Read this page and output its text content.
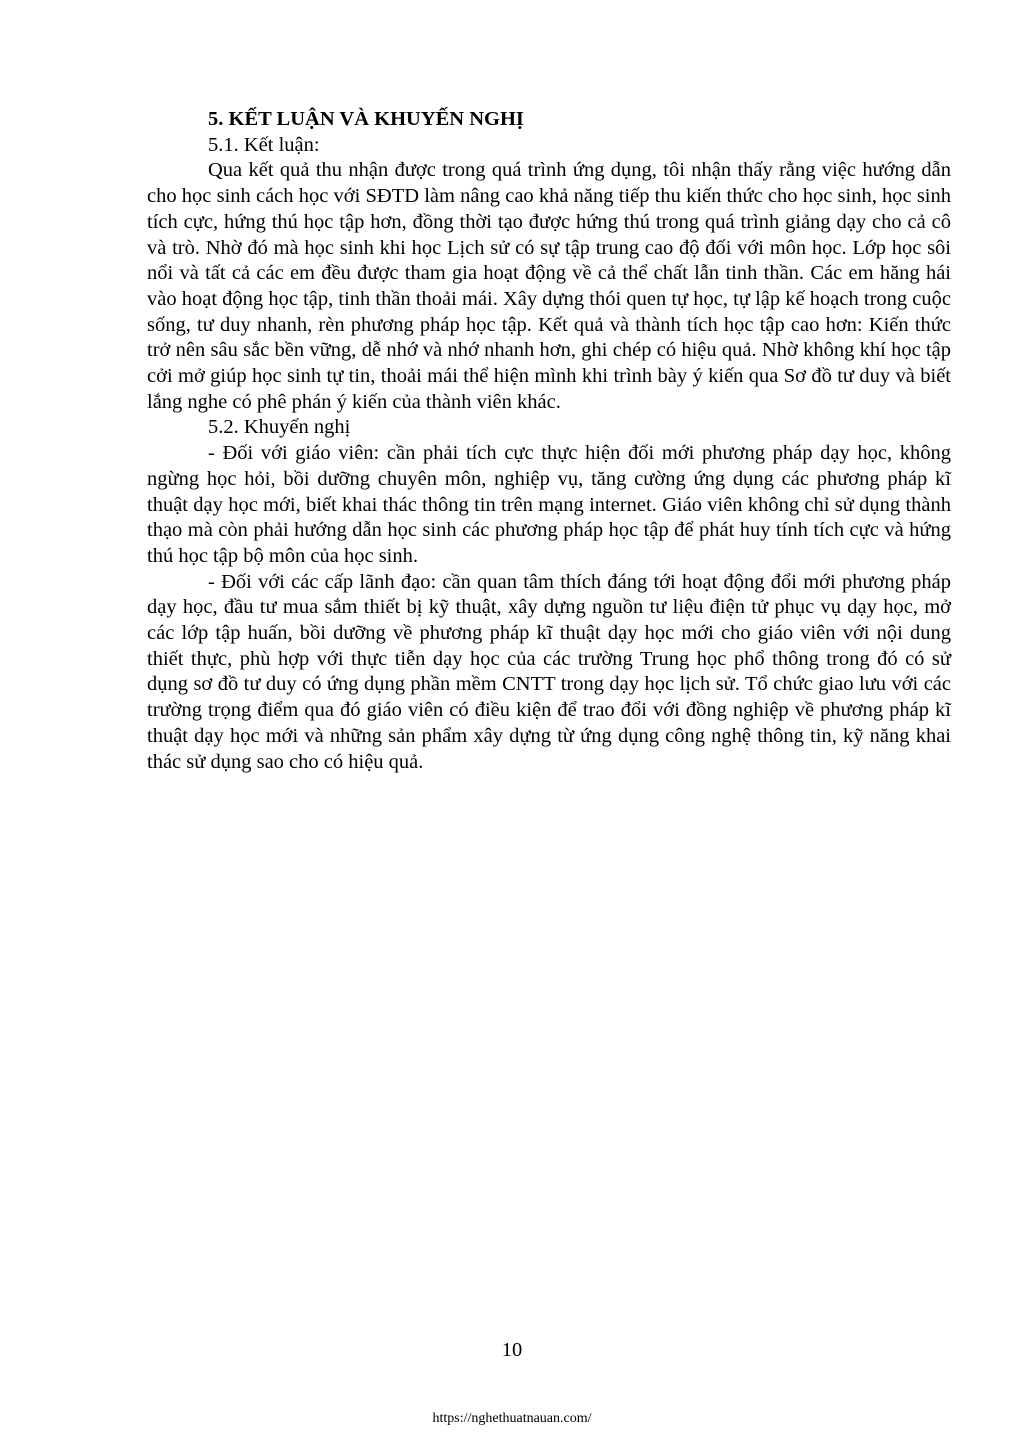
5. KẾT LUẬN VÀ KHUYẾN NGHỊ

5.1. Kết luận:

Qua kết quả thu nhận được trong quá trình ứng dụng, tôi nhận thấy rằng việc hướng dẫn cho học sinh cách học với SĐTD làm nâng cao khả năng tiếp thu kiến thức cho học sinh, học sinh tích cực, hứng thú học tập hơn, đồng thời tạo được hứng thú trong quá trình giảng dạy cho cả cô và trò. Nhờ đó mà học sinh khi học Lịch sử có sự tập trung cao độ đối với môn học. Lớp học sôi nổi và tất cả các em đều được tham gia hoạt động về cả thể chất lẫn tinh thần. Các em hăng hái vào hoạt động học tập, tinh thần thoải mái. Xây dựng thói quen tự học, tự lập kế hoạch trong cuộc sống, tư duy nhanh, rèn phương pháp học tập. Kết quả và thành tích học tập cao hơn: Kiến thức trở nên sâu sắc bền vững, dễ nhớ và nhớ nhanh hơn, ghi chép có hiệu quả. Nhờ không khí học tập cởi mở giúp học sinh tự tin, thoải mái thể hiện mình khi trình bày ý kiến qua Sơ đồ tư duy và biết lắng nghe có phê phán ý kiến của thành viên khác.

5.2. Khuyến nghị

- Đối với giáo viên: cần phải tích cực thực hiện đối mới phương pháp dạy học, không ngừng học hỏi, bồi dưỡng chuyên môn, nghiệp vụ, tăng cường ứng dụng các phương pháp kĩ thuật dạy học mới, biết khai thác thông tin trên mạng internet. Giáo viên không chỉ sử dụng thành thạo mà còn phải hướng dẫn học sinh các phương pháp học tập để phát huy tính tích cực và hứng thú học tập bộ môn của học sinh.

- Đối với các cấp lãnh đạo: cần quan tâm thích đáng tới hoạt động đổi mới phương pháp dạy học, đầu tư mua sắm thiết bị kỹ thuật, xây dựng nguồn tư liệu điện tử phục vụ dạy học, mở các lớp tập huấn, bồi dưỡng về phương pháp kĩ thuật dạy học mới cho giáo viên với nội dung thiết thực, phù hợp với thực tiễn dạy học của các trường Trung học phổ thông trong đó có sử dụng sơ đồ tư duy có ứng dụng phần mềm CNTT trong dạy học lịch sử. Tổ chức giao lưu với các trường trọng điểm qua đó giáo viên có điều kiện để trao đổi với đồng nghiệp về phương pháp kĩ thuật dạy học mới và những sản phẩm xây dựng từ ứng dụng công nghệ thông tin, kỹ năng khai thác sử dụng sao cho có hiệu quả.

10
https://nghethuatnauan.com/
